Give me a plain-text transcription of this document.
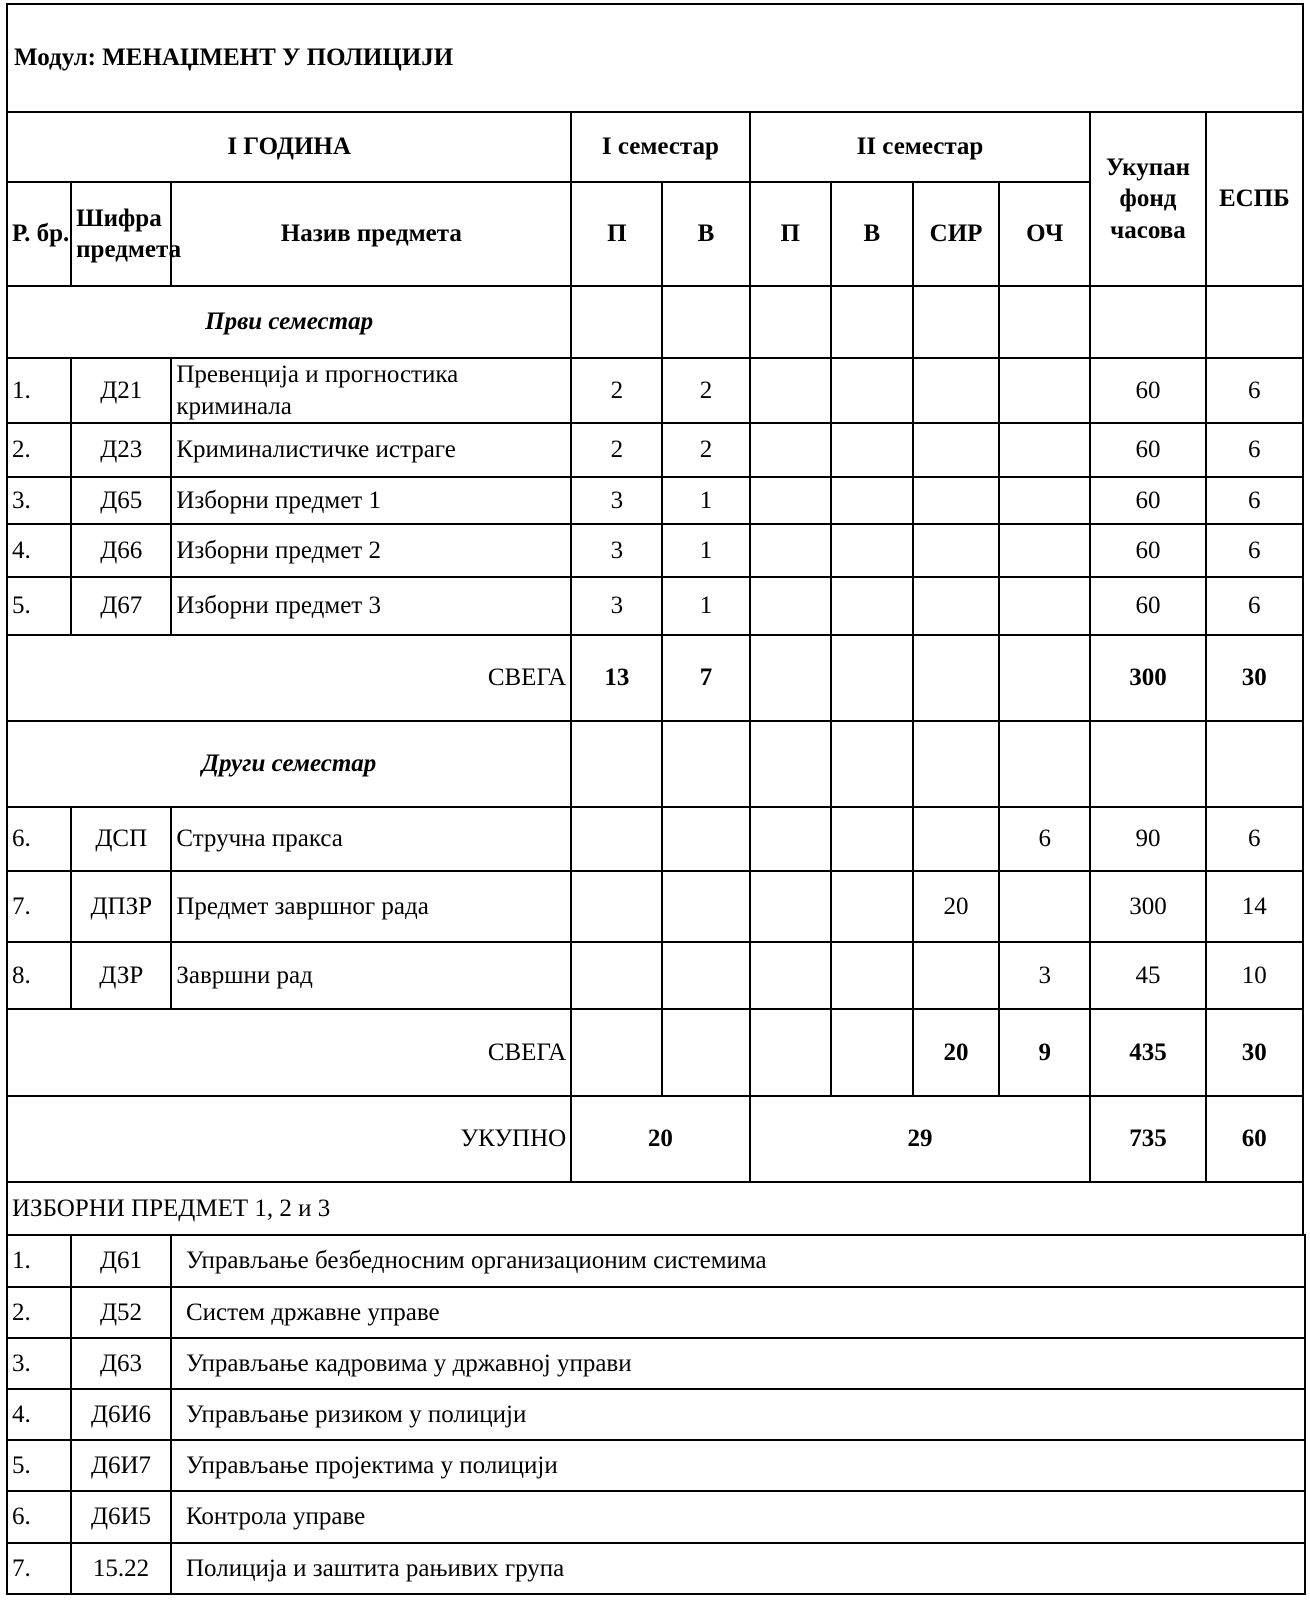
Модул: МЕНАЏМЕНТ У ПОЛИЦИЈИ										
I ГОДИНА			I семестар		II семестар				Укупан фонд часова	ЕСПБ
Р. бр.	Шифра предмета	Назив предмета	П	В	П	В	СИР	ОЧ		
Први семестар										
1.	Д21	Превенција и прогностика криминала	2	2					60	6
2.	Д23	Криминалистичке истраге	2	2					60	6
3.	Д65	Изборни предмет 1	3	1					60	6
4.	Д66	Изборни предмет 2	3	1					60	6
5.	Д67	Изборни предмет 3	3	1					60	6
СВЕГА			13	7					300	30
Други семестар										
6.	ДСП	Стручна пракса						6	90	6
7.	ДПЗР	Предмет завршног рада					20		300	14
8.	ДЗР	Завршни рад						3	45	10
СВЕГА							20	9	435	30
УКУПНО			20		29				735	60
ИЗБОРНИ ПРЕДМЕТ 1, 2 и 3										
1.	Д61	Управљање безбедносним организационим системима
2.	Д52	Систем државне управе
3.	Д63	Управљање кадровима у државној управи
4.	Д6И6	Управљање ризиком у полицији
5.	Д6И7	Управљање пројектима у полицији
6.	Д6И5	Контрола управе
7.	15.22	Полиција и заштита рањивих група
